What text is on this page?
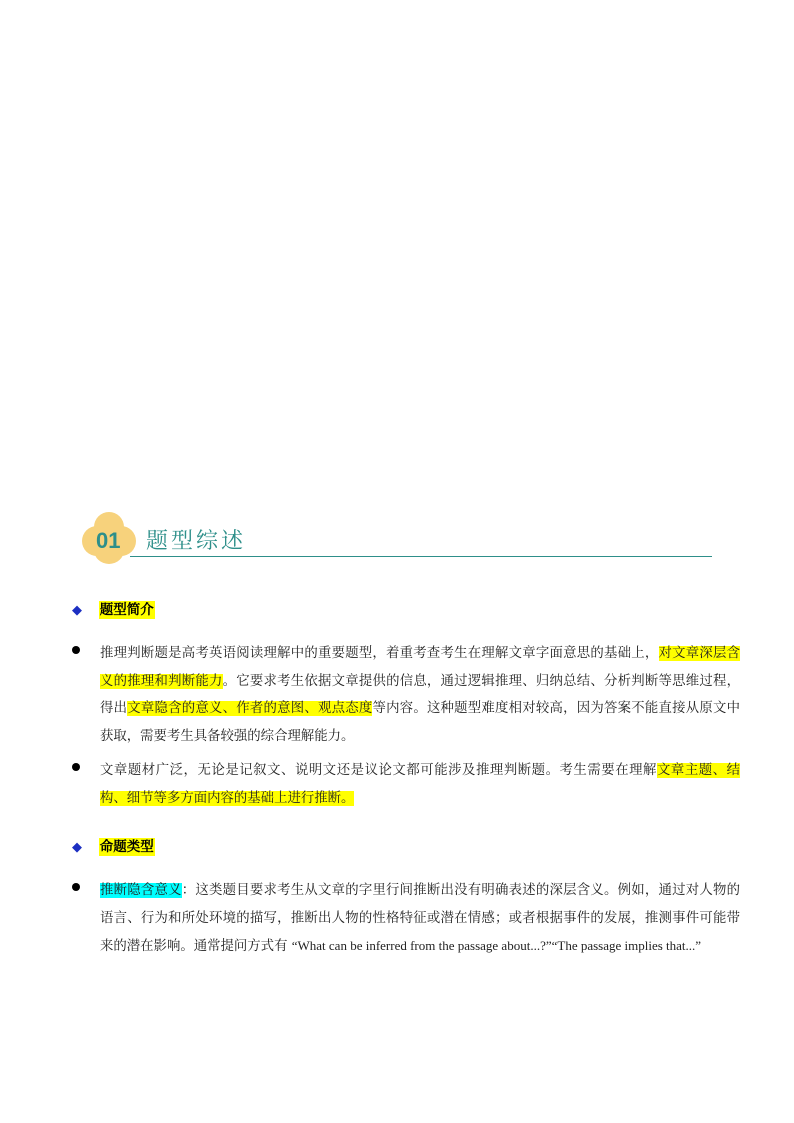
01 题型综述
◆ 题型简介

推理判断题是高考英语阅读理解中的重要题型，着重考查考生在理解文章字面意思的基础上，对文章深层含义的推理和判断能力。它要求考生依据文章提供的信息，通过逻辑推理、归纳总结、分析判断等思维过程，得出文章隐含的意义、作者的意图、观点态度等内容。这种题型难度相对较高，因为答案不能直接从原文中获取，需要考生具备较强的综合理解能力。

文章题材广泛，无论是记叙文、说明文还是议论文都可能涉及推理判断题。考生需要在理解文章主题、结构、细节等多方面内容的基础上进行推断。

◆ 命题类型

推断隐含意义：这类题目要求考生从文章的字里行间推断出没有明确表述的深层含义。例如，通过对人物的语言、行为和所处环境的描写，推断出人物的性格特征或潜在情感；或者根据事件的发展，推测事件可能带来的潜在影响。通常提问方式有 “What can be inferred from the passage about...?”“The passage implies that...”
